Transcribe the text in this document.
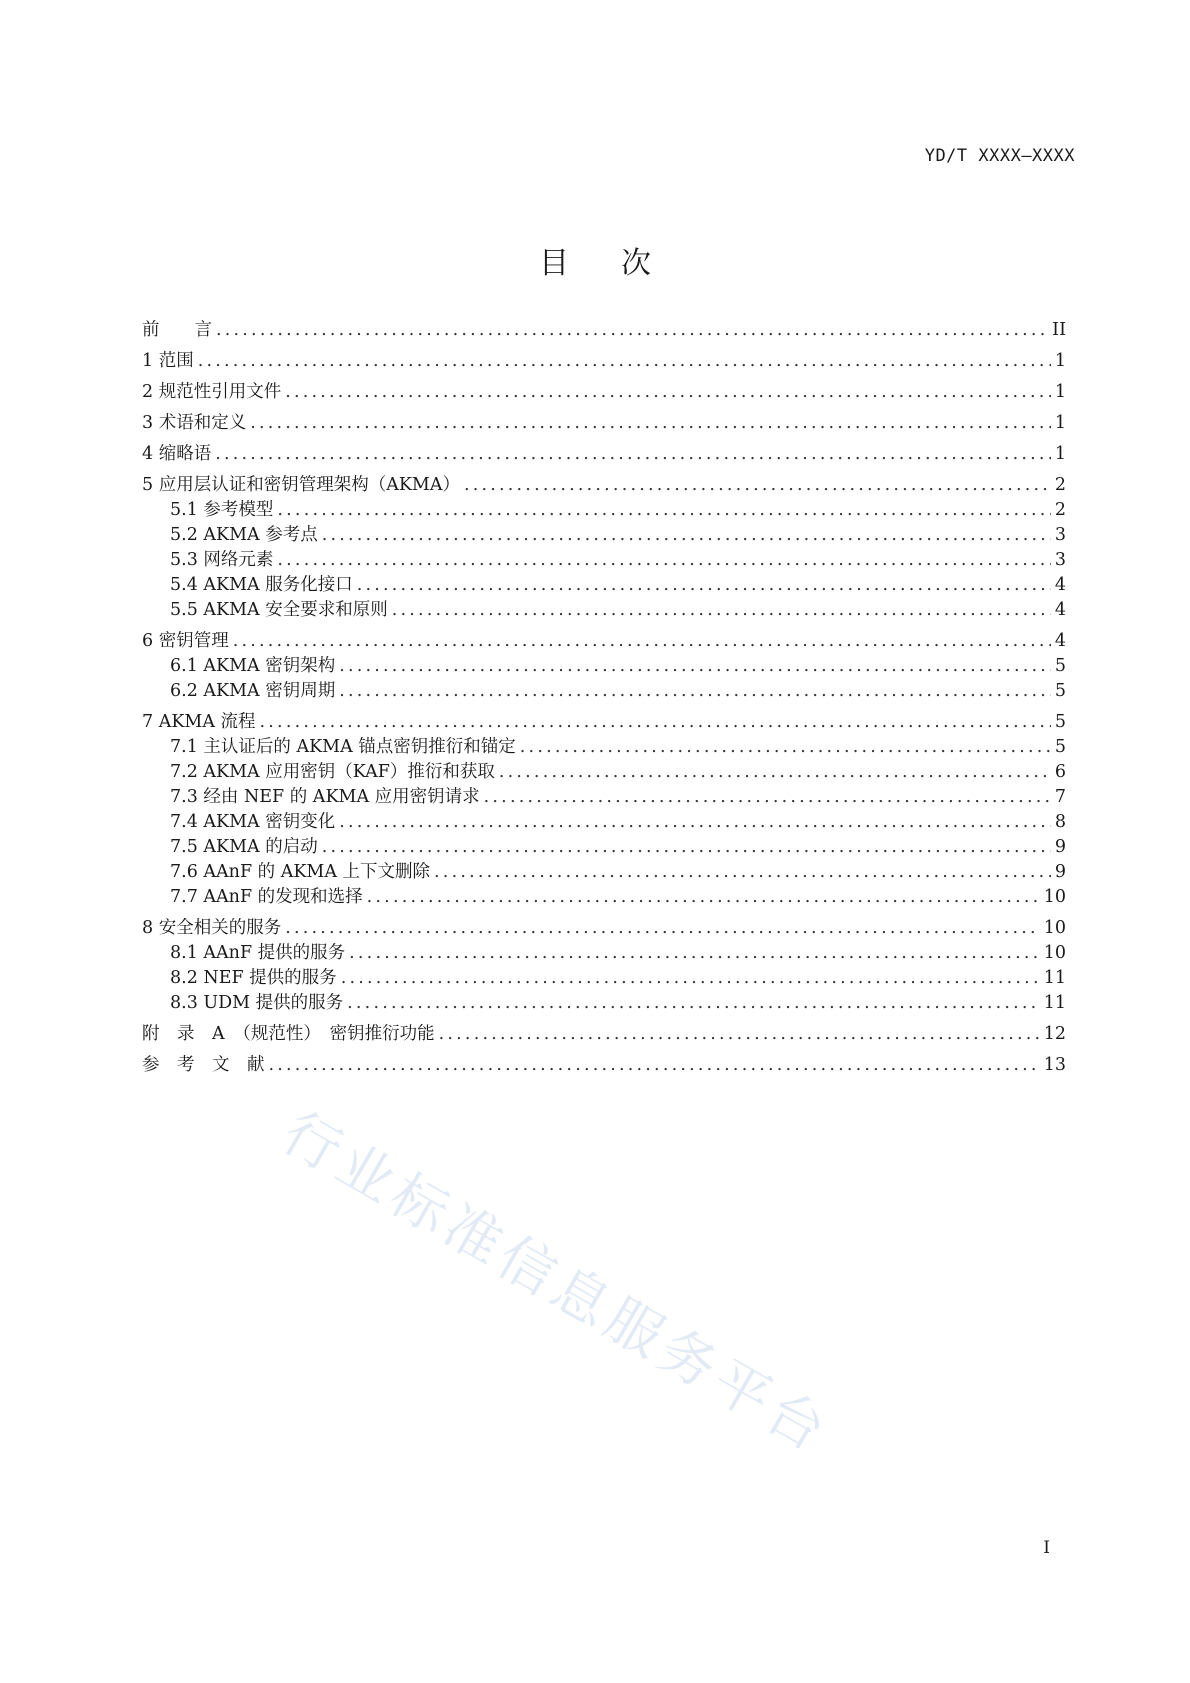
YD/T XXXX—XXXX
目次
前　　言 .....	II
1 范围 .....	1
2 规范性引用文件 .....	1
3 术语和定义 .....	1
4 缩略语 .....	1
5 应用层认证和密钥管理架构（AKMA） .....	2
5.1 参考模型 .....	2
5.2 AKMA 参考点 .....	3
5.3 网络元素 .....	3
5.4 AKMA 服务化接口 .....	4
5.5 AKMA 安全要求和原则 .....	4
6 密钥管理 .....	4
6.1 AKMA 密钥架构 .....	5
6.2 AKMA 密钥周期 .....	5
7 AKMA 流程 .....	5
7.1 主认证后的 AKMA 锚点密钥推衍和锚定 .....	5
7.2 AKMA 应用密钥（KAF）推衍和获取 .....	6
7.3 经由 NEF 的 AKMA 应用密钥请求 .....	7
7.4 AKMA 密钥变化 .....	8
7.5 AKMA 的启动 .....	9
7.6 AAnF 的 AKMA 上下文删除 .....	9
7.7 AAnF 的发现和选择 .....	10
8 安全相关的服务 .....	10
8.1 AAnF 提供的服务 .....	10
8.2 NEF 提供的服务 .....	11
8.3 UDM 提供的服务 .....	11
附　录　A　（规范性）　密钥推衍功能 .....	12
参　考　文　献 .....	13
I
行业标准信息服务平台
